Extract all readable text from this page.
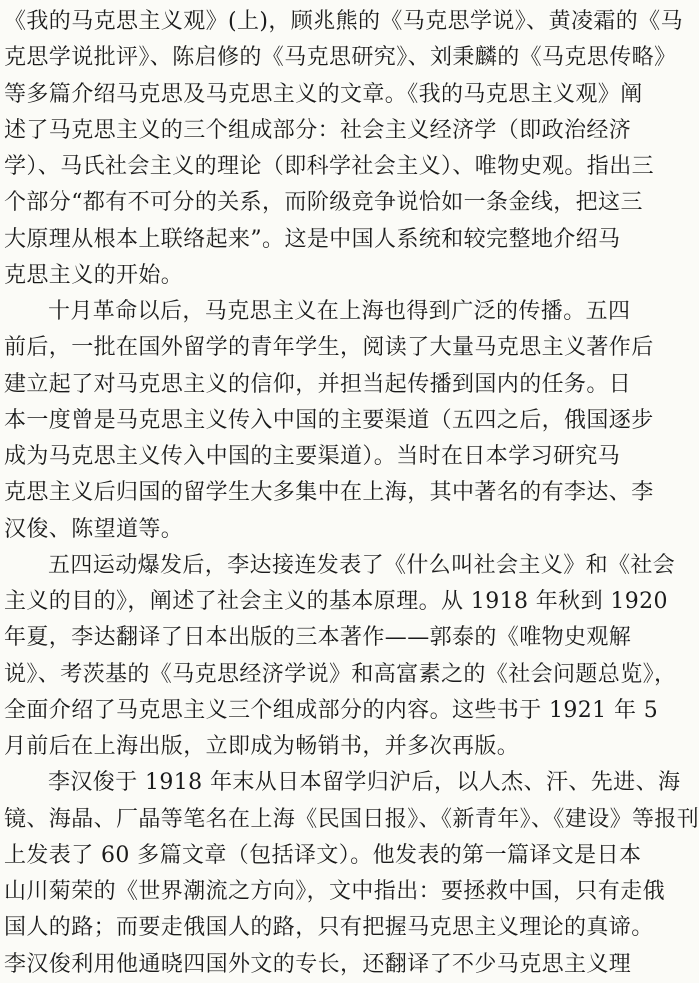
《我的马克思主义观》(上)，顾兆熊的《马克思学说》、黄凌霜的《马
克思学说批评》、陈启修的《马克思研究》、刘秉麟的《马克思传略》
等多篇介绍马克思及马克思主义的文章。《我的马克思主义观》阐
述了马克思主义的三个组成部分：社会主义经济学（即政治经济
学）、马氏社会主义的理论（即科学社会主义）、唯物史观。指出三
个部分“都有不可分的关系，而阶级竞争说恰如一条金线，把这三
大原理从根本上联络起来”。这是中国人系统和较完整地介绍马
克思主义的开始。
十月革命以后，马克思主义在上海也得到广泛的传播。五四
前后，一批在国外留学的青年学生，阅读了大量马克思主义著作后
建立起了对马克思主义的信仰，并担当起传播到国内的任务。日
本一度曾是马克思主义传入中国的主要渠道（五四之后，俄国逐步
成为马克思主义传入中国的主要渠道）。当时在日本学习研究马
克思主义后归国的留学生大多集中在上海，其中著名的有李达、李
汉俊、陈望道等。
五四运动爆发后，李达接连发表了《什么叫社会主义》和《社会
主义的目的》，阐述了社会主义的基本原理。从 1918 年秋到 1920
年夏，李达翻译了日本出版的三本著作——郭泰的《唯物史观解
说》、考茨基的《马克思经济学说》和高富素之的《社会问题总览》，
全面介绍了马克思主义三个组成部分的内容。这些书于 1921 年 5
月前后在上海出版，立即成为畅销书，并多次再版。
李汉俊于 1918 年末从日本留学归沪后，以人杰、汗、先进、海
镜、海晶、厂晶等笔名在上海《民国日报》、《新青年》、《建设》等报刊
上发表了 60 多篇文章（包括译文）。他发表的第一篇译文是日本
山川菊荣的《世界潮流之方向》，文中指出：要拯救中国，只有走俄
国人的路；而要走俄国人的路，只有把握马克思主义理论的真谛。
李汉俊利用他通晓四国外文的专长，还翻译了不少马克思主义理
